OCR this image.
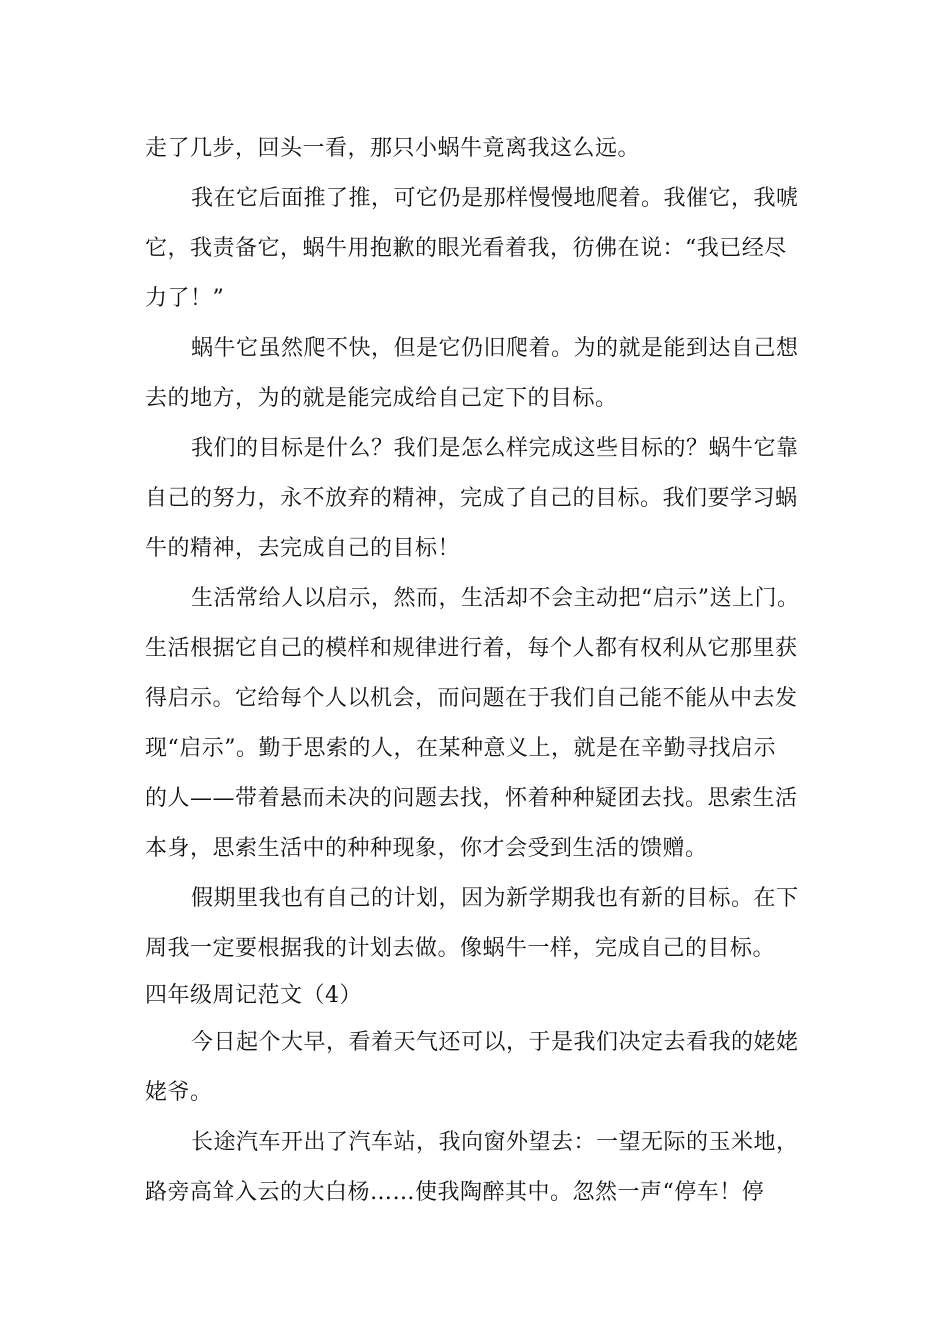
走了几步，回头一看，那只小蜗牛竟离我这么远。
我在它后面推了推，可它仍是那样慢慢地爬着。我催它，我唬
它，我责备它，蜗牛用抱歉的眼光看着我，彷佛在说：“我已经尽
力了！”
蜗牛它虽然爬不快，但是它仍旧爬着。为的就是能到达自己想
去的地方，为的就是能完成给自己定下的目标。
我们的目标是什么？我们是怎么样完成这些目标的？蜗牛它靠
自己的努力，永不放弃的精神，完成了自己的目标。我们要学习蜗
牛的精神，去完成自己的目标！
生活常给人以启示，然而，生活却不会主动把“启示”送上门。
生活根据它自己的模样和规律进行着，每个人都有权利从它那里获
得启示。它给每个人以机会，而问题在于我们自己能不能从中去发
现“启示”。勤于思索的人，在某种意义上，就是在辛勤寻找启示
的人——带着悬而未决的问题去找，怀着种种疑团去找。思索生活
本身，思索生活中的种种现象，你才会受到生活的馈赠。
假期里我也有自己的计划，因为新学期我也有新的目标。在下
周我一定要根据我的计划去做。像蜗牛一样，完成自己的目标。
四年级周记范文（4）
今日起个大早，看着天气还可以，于是我们决定去看我的姥姥
姥爷。
长途汽车开出了汽车站，我向窗外望去：一望无际的玉米地，
路旁高耸入云的大白杨……使我陶醉其中。忽然一声“停车！停
